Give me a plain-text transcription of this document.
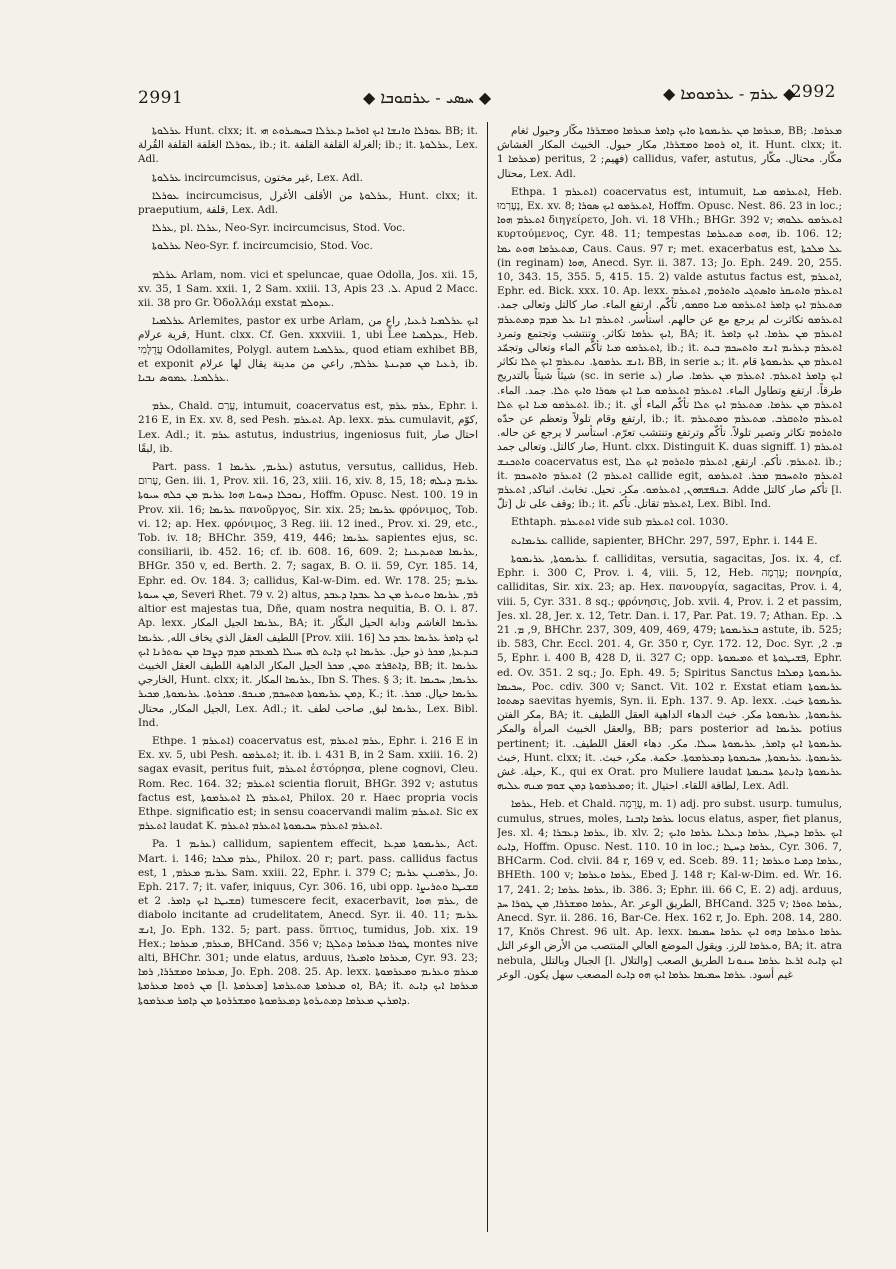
2991	◆ ܚܣܝ - ܥܪܩܘܒܐ ◆	◆ ܥܪܡ - ܥܪܡܘܡܐ ◆
2992

ܥܪܠܘܬܐ Hunt. clxx; it. ܥܘܪܠܐ ܘܐܢܫܐ ܐܝܟ ܐܘܪܚܐ ܕܥܪܠܐ ܒܚܣܝܪܘܬ ܗܝ BB; it. ܥܘܪܠܐ الغلفة القلفة القُرلة, ib.; it. الغرلة القلفة القلفة; ib.; it. ܥܪܠܘܬܐ, Lex. Adl.

ܥܪܠܘܬܐ incircumcisus, غير مختون, Lex. Adl.

ܥܘܪܠܐ incircumcisus, ܥܪܠܘܬܐ من الأقلف الأغرل, Hunt. clxx; it. praeputium, قلفة, Lex. Adl.

ܥܪܠܐ, pl. ܥܪܠܐ, Neo-Syr. incircumcisus, Stod. Voc.

ܥܪܠܘܬܐ Neo-Syr. f. incircumcisio, Stod. Voc.

ܥܪܠܡ Arlam, nom. vici et speluncae, quae Odolla, Jos. xii. 15, xv. 35, 1 Sam. xxii. 1, 2 Sam. xxiii. 13, Apis ܠ. 23. Apud 2 Macc. xii. 38 pro Gr. Ὀδολλάμ exstat ܥܕܘܠܡ.

ܥܪܠܡܝܐ Arlemites, pastor ex urbe Arlam, ܐܝܟ ܥܪܠܡܝܐ ܪܥܝܐ, راعٍ من قرية عرلام, Hunt. clxx. Cf. Gen. xxxviii. 1, ubi Lee ܥܕܠܡܝܐ, Heb. עֲדֻלָּמִי Odollamites, Polygl. autem ܥܪܠܡܝܐ, quod etiam exhibet BB, et exponit ܪܥܝܐ ܡܢ ܡܕܝܢܬܐ ܥܪܠܡ, راعي من مدينة يقال لها عرلام, ib. ܥܪܠܡܝܐ. ܥܡܘܣ ܢܒܝܐ.

ܥܪܡ, Chald. עֲרַם, intumuit, coacervatus est, ܥܪܡ ܥܪܡ, Ephr. i. 216 E, in Ex. xv. 8, sed Pesh. ܐܬܥܪܡ. Ap. lexx. ܥܪܡ cumulavit, كوّم, Lex. Adl.; it. ܥܪܡ astutus, industrius, ingeniosus fuit, احتال صار لبقًا, ib.

Part. pass. ܥܪܝܡ, ܥܪܝܡܐ 1) astutus, versutus, callidus, Heb. עָרוּם, Gen. iii. 1, Prov. xii. 16, 23, xiii. 16, xiv. 8, 15, 18; ܥܪܝܡ ܕܝܠܗ ܢܘܟܠܐ ܕܚܘܝܐ ܗܘܐ ܥܪܝܡ ܡܢ ܟܠܗ ܚܝܘܬܐ, Hoffm. Opusc. Nest. 100. 19 in Prov. xii. 16; ܥܪܝܡܐ πανοῦργος, Sir. xix. 25; ܥܪܝܡܐ φρόνιμος, Tob. vi. 12; ap. Hex. φρόνιμος, 3 Reg. iii. 12 ined., Prov. xi. 29, etc., Tob. iv. 18; BHChr. 359, 419, 446; ܥܪܝܡܐ sapientes ejus, sc. consiliarii, ib. 452. 16; cf. ib. 608. 16, 609. 2; ܥܪܝܡܐ ܡܬܝܕܥܢܐ, BHGr. 350 v, ed. Berth. 2. 7; sagax, B. O. ii. 59, Cyr. 185. 14, Ephr. ed. Ov. 184. 3; callidus, Kal-w-Dim. ed. Wr. 178. 25; ܥܪܝܡ ܡܢ ܚܝܘܬܐ, Severi Rhet. 79 v. 2) altus, ܪܡ, ܥܪܝܡܐ ܘܝܬܝܪ ܡܢ ܟܠ ܥܒܕܐ ܕܥܒܕ altior est majestas tua, Dñe, quam nostra nequitia, B. O. i. 87. Ap. lexx. ܥܪܝܡܐ الجيل المكار, BA; it. ܥܪܝܡܐ الغاشم ودابة الحيل البكّار اللطيف العقل الذي يخاف الله, ܥܪܝܡܐ [Prov. xiii. 16] ܐܝܟ ܕܐܡܪ ܥܪܝܡܐ ܥܒܕ ܟܠ ܒܝܕܥܬܐ, ܡܟܪ ذو حيل. ܥܪܝܡܐ ܐܝܟ ܕܐܝܬ ܠܗ ܚܝܠܐ ܠܡܥܒܕ ܡܕܡ ܕܨܒܐ ܡܢ ܝܘܬܪܢܐ ܐܝܟ ܕܐܬܦܪܫ ܬܡܢ, ܡܟܪ الجيل المكار الداهية اللطيف العقل الخبيث, BB; it. ܥܪܝܡܐ الخارجي, Hunt. clxx; it. ܥܪܝܡܐ المكار, Ibn S. Thes. § 3; it. ܥܪܝܡܐ, ܚܟܝܡܐ ܕܡܢ ܥܪܝܡܘܬܐ ܡܬܚܟܡ, ܡܢܟܦ. ܡܟܪܘܬܐ. ܥܪܝܡܘܬܐ, ܡܟܝܪ, K.; it. ܥܪܝܡܐ حيال. ܡܟܪ. الجيل المكار, محتال, Lex. Adl.; it. ܥܪܝܡܐ لبق, صاحب لطف, Lex. Bibl. Ind.

Ethpe. ܐܬܥܪܡ 1) coacervatus est, ܥܪܡ ܐܬܥܪܡ, Ephr. i. 216 E in Ex. xv. 5, ubi Pesh. ܐܬܥܪܡܘ; it. ib. i. 431 B, in 2 Sam. xxiii. 16. 2) sagax evasit, peritus fuit, ܐܬܥܪܡ ἐστόρησα, plene cognovi, Cleu. Rom. Rec. 164. 32; ܐܬܥܪܡ scientia floruit, BHGr. 392 v; astutus factus est, ܐܬܥܪܡ ܠܐ ܐܬܥܪܡܘܬܐ, Philox. 20 r. Haec propria vocis Ethpe. significatio est; in sensu coacervandi malim ܐܬܥܪܡ. Sic ex ܐܬܥܪܡ laudat K. ܐܬܥܪܡ ܐܬܥܪܡ ܚܟܝܡܘܬܐ ܐܬܥܪܡ ܐܬܥܪܡ.

Pa. ܥܪܝܡ 1) callidum, sapientem effecit, ܥܪܝܡܘܬܐ ܡܕܥܐ, Act. Mart. i. 146; ܥܪܡ ܡܠܟܐ, Philox. 20 r; part. pass. callidus factus est, ܥܪܝܡ ܡܥܪܡ, 1 Sam. xxiii. 22, Ephr. i. 379 C; ܥܪܡܝܢܢ ܥܪܝܡ, Jo. Eph. 217. 7; it. vafer, iniquus, Cyr. 306. 16, ubi opp. ܩܫܝܛܐ ܘܬܪܝܨܐ et ܩܫܝܛܐ ܐܝܟ ܕܐܡܪ. 2) tumescere fecit, exacerbavit, ܥܪܡ ܗܘܐ, de diabolo incitante ad crudelitatem, Anecd. Syr. ii. 40. 11; ܥܪܝܡ ܐܢܫ, Jo. Eph. 132. 5; part. pass. ὕπτιος, tumidus, Job. xix. 19 Hex.; ܡܥܪܡ, ܡܥܪܡܐ, BHCand. 356 v; ܛܘܪܐ ܡܥܪܡܐ ܕܬܠܓܐ montes nive alti, BHChr. 301; unde elatus, arduus, ܡܥܪܡܐ ܘܐܡܝܪܐ, Cyr. 93. 23; ܡܥܪܡܐ ܘܡܫܪܪܐ, ܪܡܐ, Jo. Eph. 208. 25. Ap. lexx. ܡܥܪܡ ܘܥܪܝܡ ܘܡܥܪܡܘܬܐ ܡܢ ܪܘܡܐ ܡܥܪܡܬܐ [l. ܡܥܪܡܬܐ] ܐܘ ܡܥܪܡܬܐ ܡܬܥܪܡܬܐ, BA; it. ܡܥܪܡܐ ܐܝܟ ܕܐܝܬ ܕܐܡܪܝܢ ܡܥܪܡܐ ܕܡܬܝܪܘܬܐ ܕܡܥܪܡܘܬܐ ܘܡܫܪܪܘܬܐ ܡܢ ܕܐܡܪ ܡܥܪܡܘܬܐ.

ܡܥܪܡܐ ܡܢ ܥܪܝܡܘܬܐ ܘܐܝܟ ܕܐܡܪ ܡܥܪܡܐ ܘܡܫܪܪܐ مكّار وحيول ثغام, BB; ܡܥܪܡܐ. ܐܘ ܪܘܡܐ ܘܡܫܪܪܐ, مكار حيول. الخبيث المكار الغشاش, it. Hunt. clxx; it. ܡܥܪܡܐ 1) peritus, فهيم; 2) callidus, vafer, astutus, مكّار. محتال. مكّار محتال, Lex. Adl.

Ethpa. ܐܬܥܪܡ 1) coacervatus est, intumuit, ܐܬܥܪܡܘ ܡܝܐ, Heb. נֶעֶרְמוּ, Ex. xv. 8; ܐܬܥܪܡܘ ܐܝܟ ܣܘܪܐ, Hoffm. Opusc. Nest. 86. 23 in loc.; ܐܬܥܪܡ ܗܘܐ διηγείρετο, Joh. vi. 18 VHh.; BHGr. 392 v; ܐܬܥܪܡܘ ܥܠܘܗܝ κυρτούμενος, Cyr. 48. 11; tempestas ܗܘܬ ܡܬܥܪܡܐ, ib. 106. 12; ܡܬܥܪܡܐ ܗܘܬ ܝܡܐ, Caus. Caus. 97 r; met. exacerbatus est, ܥܠ ܡܠܟܬܐ (in reginam) ܗܘܐ, Anecd. Syr. ii. 387. 13; Jo. Eph. 249. 20, 255. 10, 343. 15, 355. 5, 415. 15. 2) valde astutus factus est, ܐܬܥܪܡ, Ephr. ed. Bick. xxx. 10. Ap. lexx. ܐܬܥܪܡ ܘܐܬܝܩܪ ܘܐܣܬܓܝ ܘܐܬܪܘܡ, ܐܬܥܪܡ ܡܬܥܪܡ ܐܝܟ ܕܐܡܪ ܐܬܥܪܡܘ ܡܝܐ ܘܩܡܘ, تأكّم. ارتفع الماء. صار كالتل وتعالى جمد. ܐܬܥܪܡܘ تكاثرت لم يرجع مع عن حالهم. استأسر. ܐܬܥܪܡ ܐܢܐ ܥܠ ܡܕܡ ܕܡܬܥܪܡ ܐܝܟ ܥܪܡܐ تكاثر. وتنتشب وتجتمع وتمرد, BA; it. ܐܬܥܪܡ ܡܢ ܥܪܡܐ. ܐܝܟ ܕܐܡܪ ܐܬܥܪܡܘ ܡܝܐ تأكّم الماء وتعالى وتجمّد, ib.; it. ܐܬܥܪܡ ܕܥܪܝܡ ܐܢܫ ܘܐܬܚܟܡ ܒܝܬ ܐܢܫ ܥܪܡܘܬܐ. ܢܬܥܪܡ ܐܝܟ ܬܠܐ تكاثر، BB, in serie ܥ; it. ܐܬܥܪܡ ܡܢ ܥܪܝܡܘܬܐ قام شيئاً شيئاً بالتدريج (sc. in serie ܥ) ܐܝܟ ܕܐܡܪ ܐܬܥܪܡ. ܐܬܥܪܡ ܡܢ ܥܪܡܐ. صار طرقاً. ارتفع وتطاول الماء. ܐܬܥܪܡ ܐܬܥܪܡܘ ܡܝܐ ܐܝܟ ܣܘܪܐ ܘܐܝܟ ܬܠܐ. جمد. الماء. ܐܬܥܪܡܘ ܡܝܐ ܐܝܟ ܬܠܐ. ib.; it. ܐܬܥܪܡ ܡܢ ܥܪܡܐ. ܡܬܥܪܡ ܐܝܟ ܬܠܐ تأكّم الماء أي ارتفع وقام تلولاً وتعظم عن حدّه, ib.; it. ܐܬܥܪܡ ܘܐܬܩܪܒ. ܡܬܥܪܡ ܘܡܬܥܪܡ ܘܐܬܪܘܡ تكاثر وتصير تلولاً. تأكّم وترتفع وتنتشب تعرّم. استأسر لا يرجع عن حاله. صار كالتل. وتعالى جمد, Hunt. clxx. Distinguit K. duas signiff. 1) ܐܬܥܪܡ ܘܐܬܟܢܫ coacervatus est, ܐܬܥܪܡ. تأكم. ارتقع, ܐܬܥܪܡ ܘܐܬܪܘܡ ܐܝܟ ܬܠܐ. ib.; it. ܐܬܥܪܡ 2) ܐܬܥܪܡ ܘܐܬܚܟܡ callide egit, ܐܬܥܪܡ ܘܐܬܚܟܡ ܡܟܪ. ܐܬܥܪܡܘ ܒܢܦܫܗܘܢ, ܐܬܥܪܡܘ. مكر. تحيل. تخابث. اتباكد, ܐܬܥܪܡ. Adde تأكم صار كالتل [l. تلّ] وقف على تل; ib.; it. ܐܬܥܪܡ تقاتل. تأكم, Lex. Bibl. Ind.

Ethtaph. ܐܬܬܥܪܡ vide sub ܐܬܥܪܡ col. 1030.

ܥܪܝܡܐܝܬ callide, sapienter, BHChr. 297, 597, Ephr. i. 144 E.

ܥܪܝܡܘܬܐ, ܥܪܝܡܘܬܐ f. calliditas, versutia, sagacitas, Jos. ix. 4, cf. Ephr. i. 300 C, Prov. i. 4, viii. 5, 12, Heb. עָרְמָה; πονηρία, calliditas, Sir. xix. 23; ap. Hex. πανουργία, sagacitas, Prov. i. 4, viii. 5, Cyr. 331. 8 sq.; φρόνησις, Job. xvii. 4, Prov. i. 2 et passim, Jes. xl. 28, Jer. x. 12, Tetr. Dan. i. 17, Par. Pat. 19. 7; Athan. Ep. ܠ. 9, ܡ. 21, BHChr. 237, 309, 409, 469, 479; ܒܥܪܝܡܘܬܐ astute, ib. 525; ib. 583, Chr. Eccl. 201. 4, Gr. 350 r, Cyr. 172. 12, Doc. Syr. ܡ. 2, 5, Ephr. i. 400 B, 428 D, ii. 327 C; opp. ܬܡܝܡܘܬܐ et ܦܫܝܛܘܬܐ, Ephr. ed. Ov. 351. 2 sq.; Jo. Eph. 49. 5; Spiritus Sanctus ܥܪܝܡܘܬܐ ܕܡܠܟܐ ܚܟܝܡܐ, Poc. cdiv. 300 v; Sanct. Vit. 102 r. Exstat etiam ܥܪܝܡܘܬܐ ܕܣܬܘܐ saevitas hyemis, Syn. ii. Eph. 137. 9. Ap. lexx. ܥܪܝܡܘܬܐ خبث. مكر الفتن, BA; it. ܥܪܝܡܘܬܐ, ܥܪܝܡܘܬܐ مكر. خبث الدهاء الداهية العقل اللطيف والعقل الخبيث المرأة والمكر, BB; pars posterior ad ܥܪܝܡܐ potius pertinent; it. ܥܪܝܡܘܬܐ ܐܝܟ ܕܐܡܪ, ܥܪܝܡܘܬܐ ܚܝܠܐ. مكر. دهاء العقل اللطيف. خبث, Hunt. clxx; it. ܥܪܝܡܘܬܐ. ܥܪܝܡܘܬܐ, ܚܟܝܡܘܬܐ ܕܡܥܪܡܘܬܐ. حكمة. مكر، خبث. حيلة. غش, K., qui ex Orat. pro Muliere laudat ܥܪܝܡܘܬܐ ܕܐܢܬܬܐ ܚܟܝܡܬܐ ܘܡܥܪܡܘܬܐ ܕܡܢ ܫܘܡ ܡܢܗ ܥܠܝܗ; it. لطافة اللقاء. احتيال, Lex. Adl.

ܥܪܡܐ, Heb. et Chald. עֲרֵמָה, m. 1) adj. pro subst. usurp. tumulus, cumulus, strues, moles, ܥܪܡܐ ܕܐܒܢܐ locus elatus, asper, fiet planus, Jes. xl. 4; ܥܪܡܐ ܕܥܒܪܐ, ib. xlv. 2; ܐܝܟ ܥܪܡܐ ܕܚܛܐ, ܥܪܡܐ ܕܥܠܝܐ ܥܪܡܐ ܘܐܝܟ ܕܐܝܬ, Hoffm. Opusc. Nest. 110. 10 in loc.; ܥܪܡܐ ܕܚܛܐ, Cyr. 306. 7, BHCarm. Cod. clvii. 84 r, 169 v, ed. Sceb. 89. 11; ܥܪܡܐ ܕܡܝܐ ܘܥܪܡܐ, BHEth. 100 v; ܥܪܡܐ ܘܥܪܡܐ, Ebed J. 148 r; Kal-w-Dim. ed. Wr. 16. 17, 241. 2; ܥܪܡܐ ܥܪܡܐ, ib. 386. 3; Ephr. iii. 66 C, E. 2) adj. arduus, ܥܪܡܐ ܘܡܫܪܪܐ, ܡܢ ܛܘܪܐ ܚܕ, Ar. الطريق الوعر, BHCand. 325 v; ܥܪܡܐ ܬܘܪܐ, Anecd. Syr. ii. 286. 16, Bar-Ce. Hex. 162 r, Jo. Eph. 208. 14, 280. 17, Knös Chrest. 96 ult. Ap. lexx. ܥܪܡܐ ܘܥܪܡܐ ܕܗܘ ܐܝܟ ܥܪܡܐ ܚܡܝܡܐ ܘܥܪܡܐ للرز. ويقول الموضع العالي المنتصب من الأرض الوعر التل, BA; it. atra nebula, الجبال وبالتلل [l. والتلال] ܐܝܟ ܕܐܝܬ ܐܪܥܐ ܥܪܡܐ ܚܢܘܢܐ الطريق الصعب غيم أسود. ܥܪܡܐ ܚܡܝܡܐ ܥܪܡܐ ܐܝܟ ܗܘ ܕܐܝܬ المصعب سهل يكون. الوعر
